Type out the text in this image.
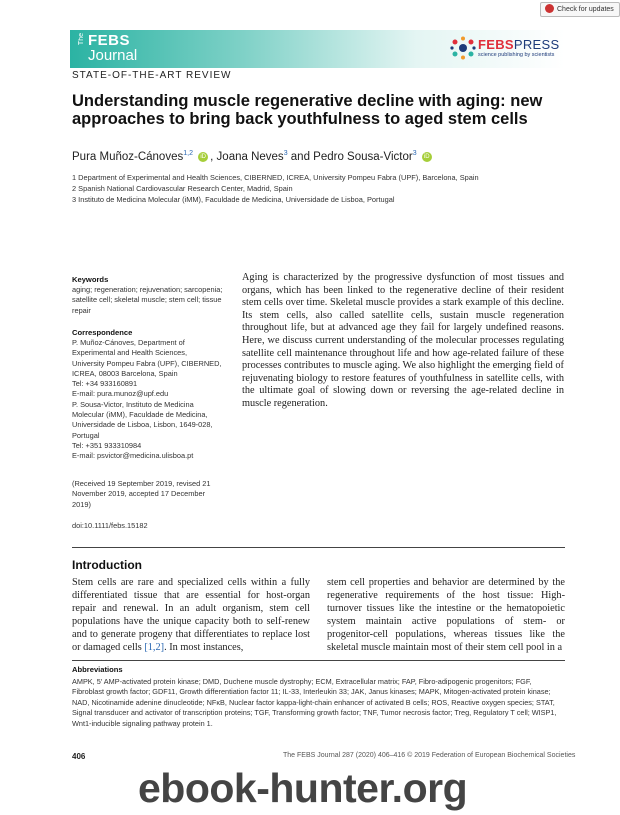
Check for updates
The FEBS
Journal
FEBSPRESS
science publishing by scientists
STATE-OF-THE-ART REVIEW
Understanding muscle regenerative decline with aging: new approaches to bring back youthfulness to aged stem cells
Pura Muñoz-Cánoves$^{1,2}$ iD , Joana Neves$^3$ and Pedro Sousa-Victor$^3$ iD
1 Department of Experimental and Health Sciences, CIBERNED, ICREA, University Pompeu Fabra (UPF), Barcelona, Spain
2 Spanish National Cardiovascular Research Center, Madrid, Spain
3 Instituto de Medicina Molecular (iMM), Faculdade de Medicina, Universidade de Lisboa, Portugal
Keywords
aging; regeneration; rejuvenation; sarcopenia; satellite cell; skeletal muscle; stem cell; tissue repair
Correspondence
P. Muñoz-Cánoves, Department of
Experimental and Health Sciences,
University Pompeu Fabra (UPF), CIBERNED,
ICREA, 08003 Barcelona, Spain
Tel: +34 933160891
E-mail: pura.munoz@upf.edu
P. Sousa-Victor, Instituto de Medicina
Molecular (iMM), Faculdade de Medicina,
Universidade de Lisboa, Lisbon, 1649-028,
Portugal
Tel: +351 933310984
E-mail: psvictor@medicina.ulisboa.pt
(Received 19 September 2019, revised 21
November 2019, accepted 17 December
2019)
doi:10.1111/febs.15182
Aging is characterized by the progressive dysfunction of most tissues and organs, which has been linked to the regenerative decline of their resident stem cells over time. Skeletal muscle provides a stark example of this decline. Its stem cells, also called satellite cells, sustain muscle regeneration throughout life, but at advanced age they fail for largely undefined reasons. Here, we discuss current understanding of the molecular processes regulating satellite cell maintenance throughout life and how age-related failure of these processes contributes to muscle aging. We also highlight the emerging field of rejuvenating biology to restore features of youthfulness in satellite cells, with the ultimate goal of slowing down or reversing the age-related decline in muscle regeneration.
Introduction
Stem cells are rare and specialized cells within a fully differentiated tissue that are essential for host-organ repair and renewal. In an adult organism, stem cell populations have the unique capacity both to self-renew and to generate progeny that differentiates to replace lost or damaged cells [1,2]. In most instances,
stem cell properties and behavior are determined by the regenerative requirements of the host tissue: High-turnover tissues like the intestine or the hematopoietic system maintain active populations of stem- or progenitor-cell populations, whereas tissues like the skeletal muscle maintain most of their stem cell pool in a
Abbreviations
AMPK, 5′ AMP-activated protein kinase; DMD, Duchene muscle dystrophy; ECM, Extracellular matrix; FAP, Fibro-adipogenic progenitors; FGF, Fibroblast growth factor; GDF11, Growth differentiation factor 11; IL-33, Interleukin 33; JAK, Janus kinases; MAPK, Mitogen-activated protein kinase; NAD, Nicotinamide adenine dinucleotide; NFκB, Nuclear factor kappa-light-chain enhancer of activated B cells; ROS, Reactive oxygen species; STAT, Signal transducer and activator of transcription proteins; TGF, Transforming growth factor; TNF, Tumor necrosis factor; Treg, Regulatory T cell; WISP1, Wnt1-inducible signaling pathway protein 1.
406	The FEBS Journal 287 (2020) 406–416 © 2019 Federation of European Biochemical Societies
ebook-hunter.org
